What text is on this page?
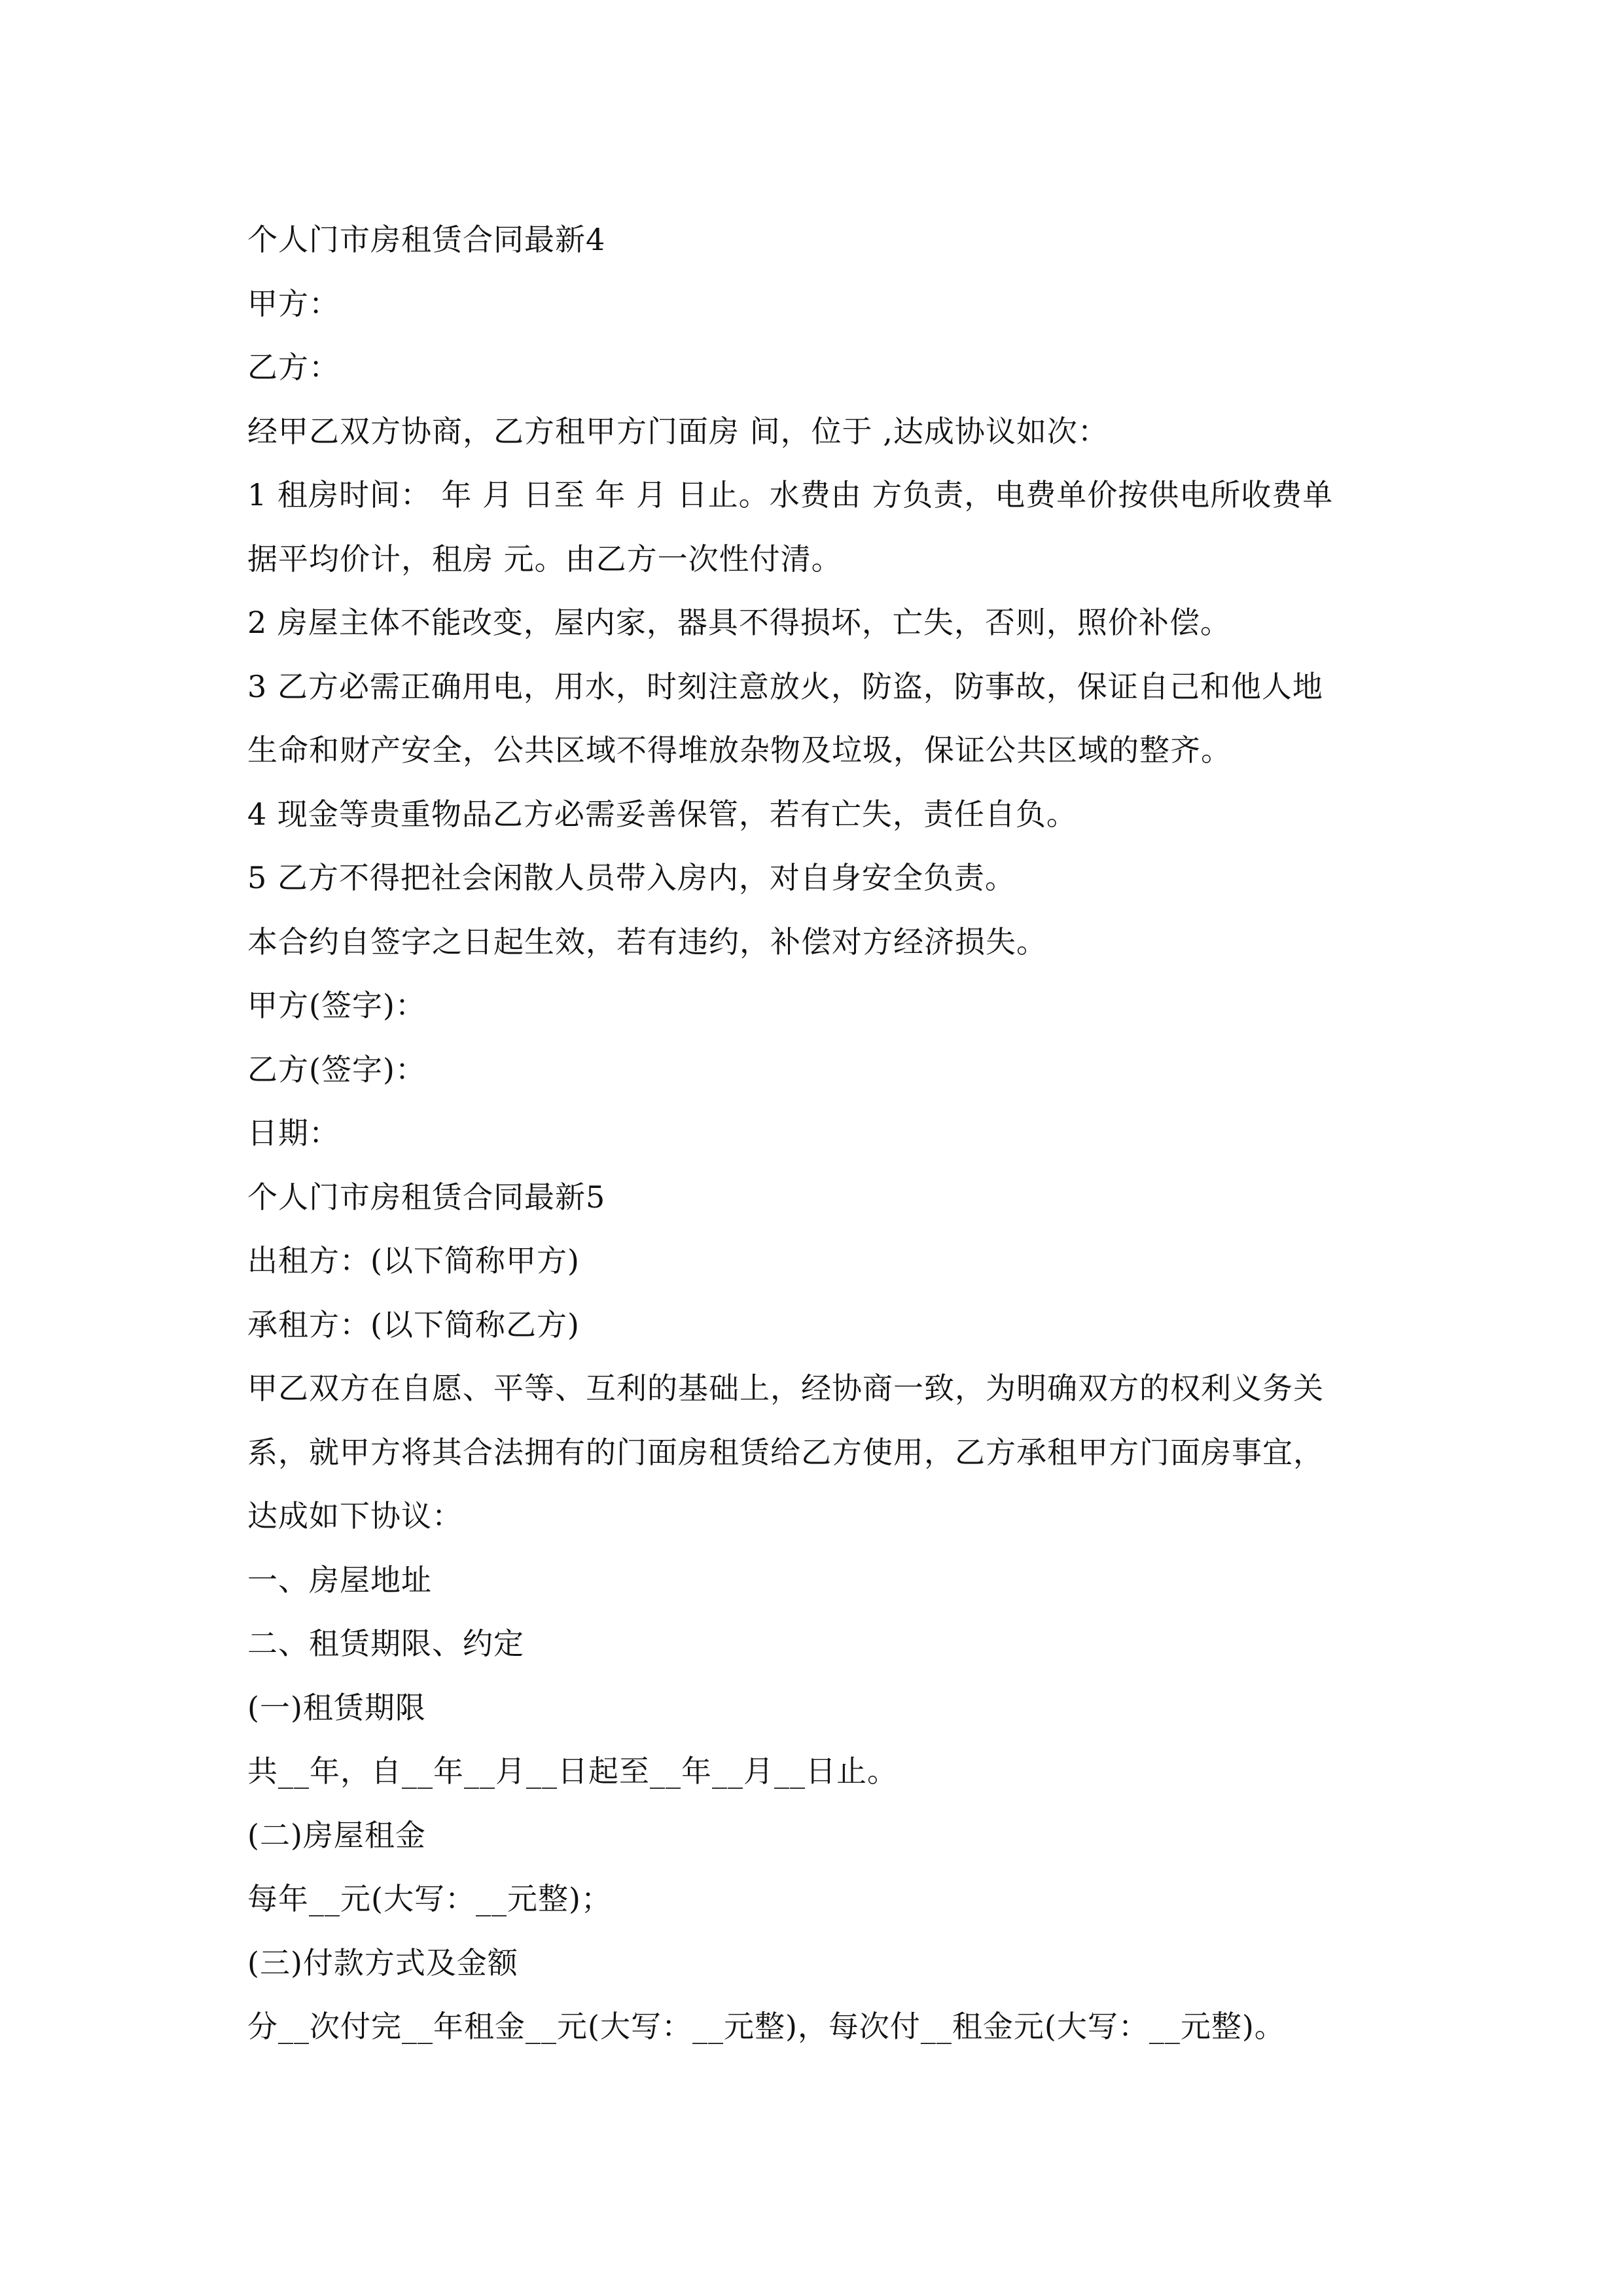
个人门市房租赁合同最新4
甲方：
乙方：
经甲乙双方协商，乙方租甲方门面房 间，位于 ,达成协议如次：
1 租房时间： 年 月 日至 年 月 日止。水费由 方负责，电费单价按供电所收费单
据平均价计，租房 元。由乙方一次性付清。
2 房屋主体不能改变，屋内家，器具不得损坏，亡失，否则，照价补偿。
3 乙方必需正确用电，用水，时刻注意放火，防盗，防事故，保证自己和他人地
生命和财产安全，公共区域不得堆放杂物及垃圾，保证公共区域的整齐。
4 现金等贵重物品乙方必需妥善保管，若有亡失，责任自负。
5 乙方不得把社会闲散人员带入房内，对自身安全负责。
本合约自签字之日起生效，若有违约，补偿对方经济损失。
甲方(签字)：
乙方(签字)：
日期：
个人门市房租赁合同最新5
出租方：(以下简称甲方)
承租方：(以下简称乙方)
甲乙双方在自愿、平等、互利的基础上，经协商一致，为明确双方的权利义务关
系，就甲方将其合法拥有的门面房租赁给乙方使用，乙方承租甲方门面房事宜，
达成如下协议：
一、房屋地址
二、租赁期限、约定
(一)租赁期限
共__年，自__年__月__日起至__年__月__日止。
(二)房屋租金
每年__元(大写：__元整)；
(三)付款方式及金额
分__次付完__年租金__元(大写：__元整)，每次付__租金元(大写：__元整)。
